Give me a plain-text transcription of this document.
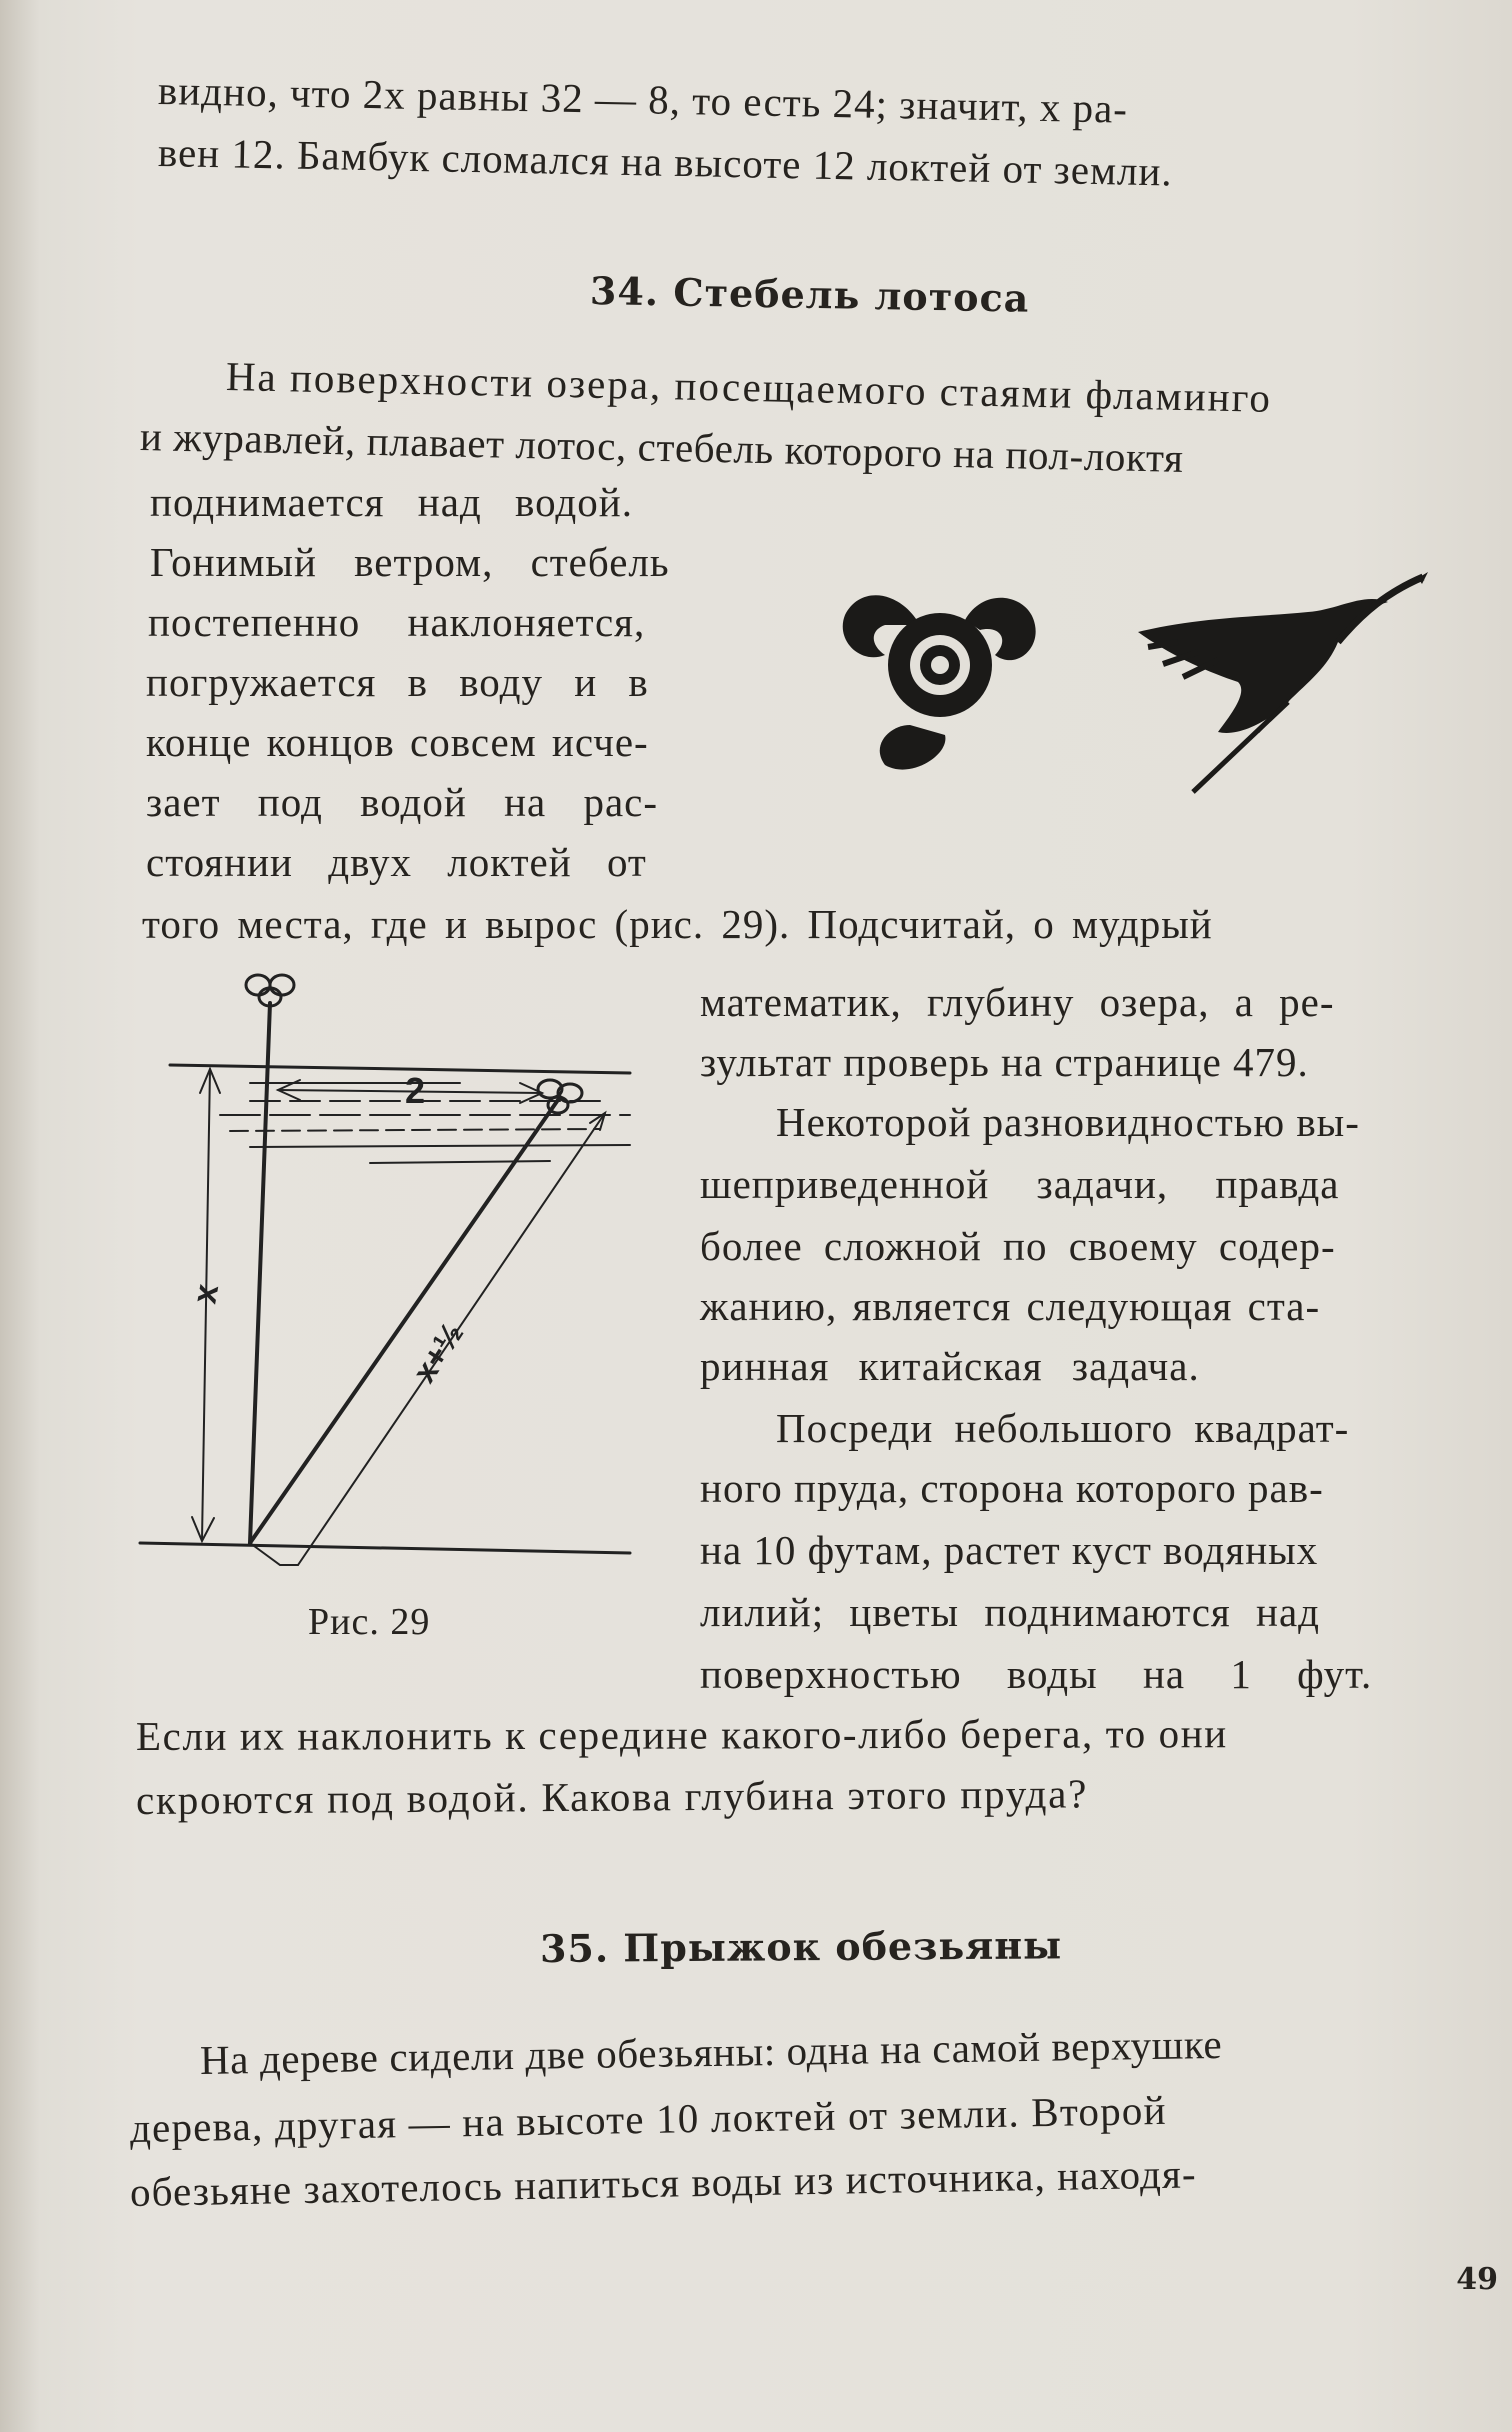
видно, что 2x равны 32 — 8, то есть 24; значит, x ра-
вен 12. Бамбук сломался на высоте 12 локтей от земли.
34. Стебель лотоса
На поверхности озера, посещаемого стаями фламинго
и журавлей, плавает лотос, стебель которого на пол-локтя
поднимается над водой.
Гонимый ветром, стебель
постепенно наклоняется,
погружается в воду и в
конце концов совсем исче-
зает под водой на рас-
стоянии двух локтей от
того места, где и вырос (рис. 29). Подсчитай, о мудрый
математик, глубину озера, а ре-
зультат проверь на странице 479.
Некоторой разновидностью вы-
шеприведенной задачи, правда
более сложной по своему содер-
жанию, является следующая ста-
ринная китайская задача.
Посреди небольшого квадрат-
ного пруда, сторона которого рав-
на 10 футам, растет куст водяных
лилий; цветы поднимаются над
поверхностью воды на 1 фут.
Если их наклонить к середине какого-либо берега, то они
скроются под водой. Какова глубина этого пруда?
35. Прыжок обезьяны
На дереве сидели две обезьяны: одна на самой верхушке
дерева, другая — на высоте 10 локтей от земли. Второй
обезьяне захотелось напиться воды из источника, находя-
49
2
x
x+½
Рис. 29
